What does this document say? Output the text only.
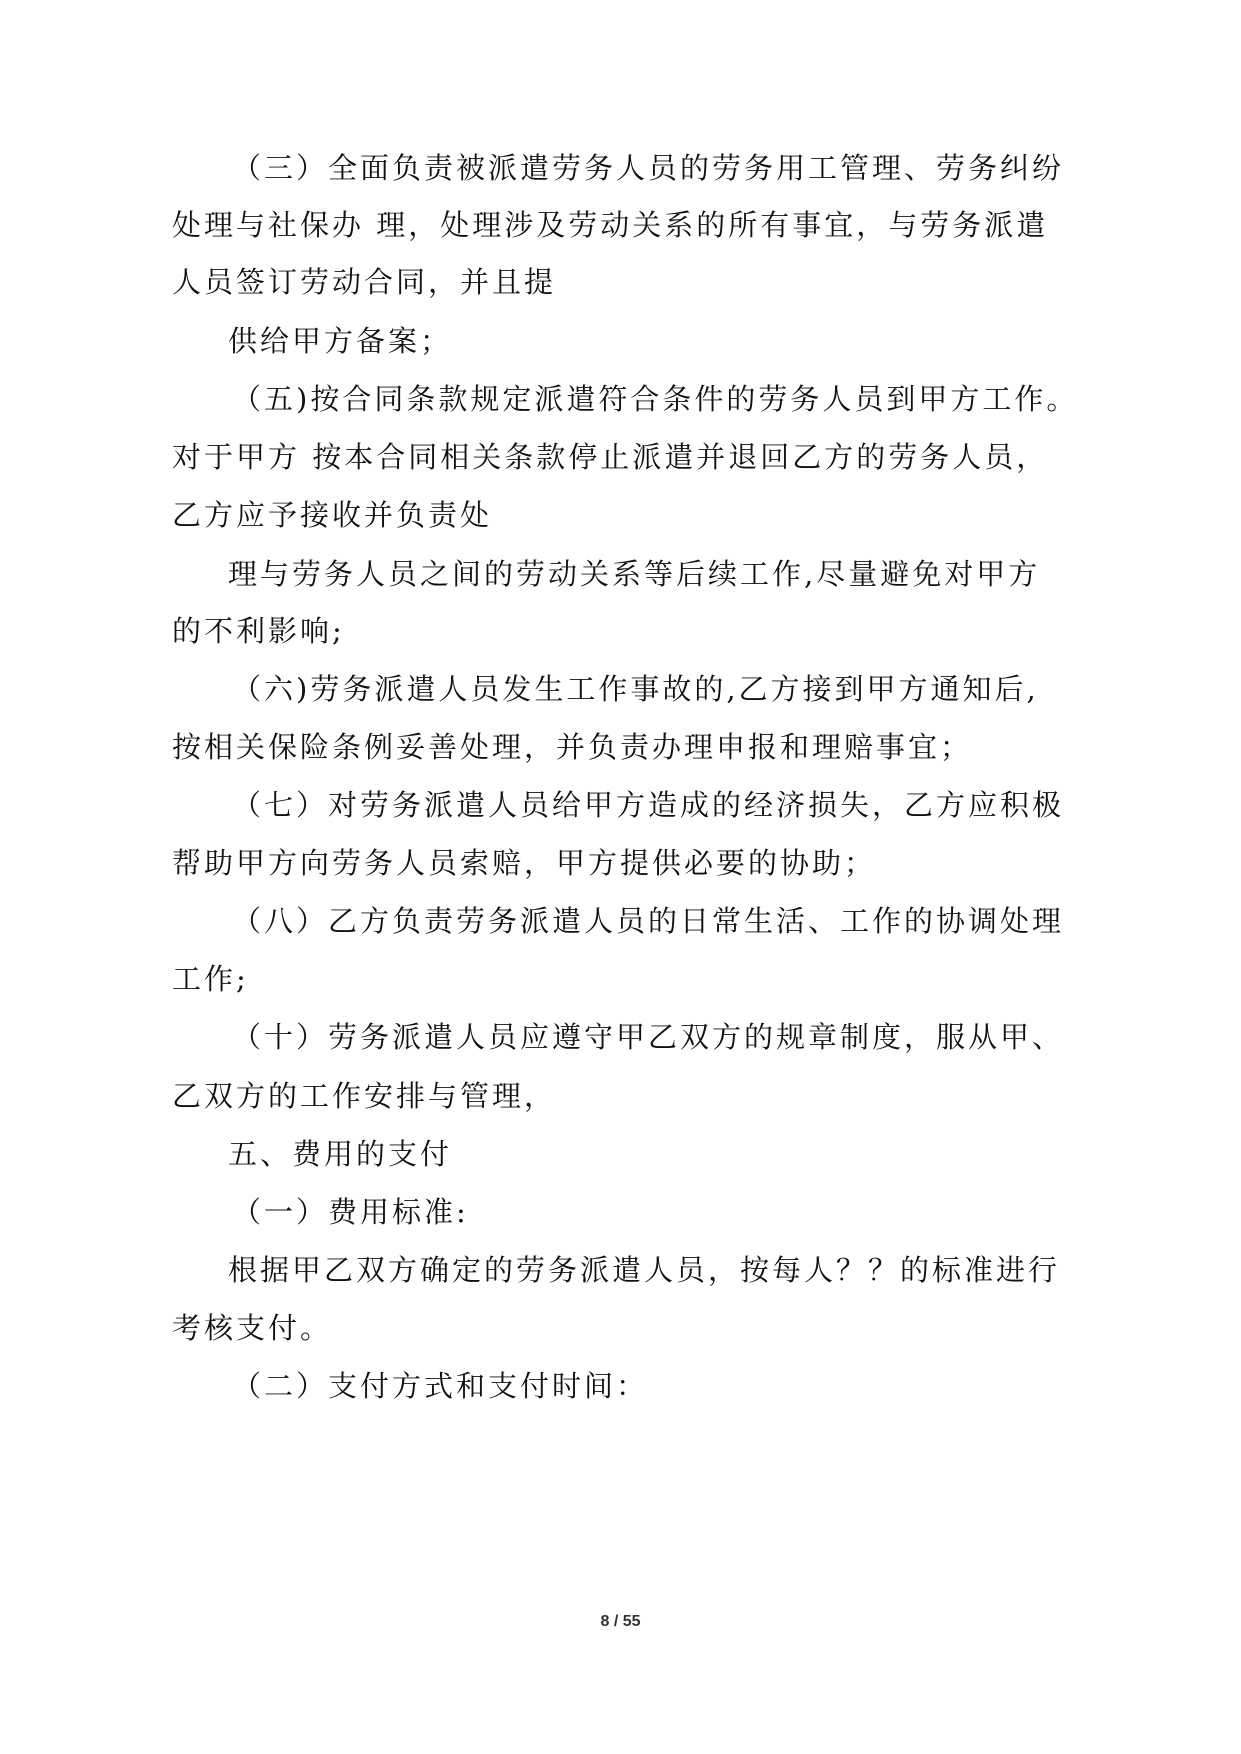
（三）全面负责被派遣劳务人员的劳务用工管理、劳务纠纷
处理与社保办 理，处理涉及劳动关系的所有事宜，与劳务派遣
人员签订劳动合同，并且提
供给甲方备案；
（五)按合同条款规定派遣符合条件的劳务人员到甲方工作。
对于甲方 按本合同相关条款停止派遣并退回乙方的劳务人员，
乙方应予接收并负责处
理与劳务人员之间的劳动关系等后续工作,尽量避免对甲方
的不利影响;
（六)劳务派遣人员发生工作事故的,乙方接到甲方通知后,
按相关保险条例妥善处理，并负责办理申报和理赔事宜；
（七）对劳务派遣人员给甲方造成的经济损失，乙方应积极
帮助甲方向劳务人员索赔，甲方提供必要的协助；
（八）乙方负责劳务派遣人员的日常生活、工作的协调处理
工作;
（十）劳务派遣人员应遵守甲乙双方的规章制度，服从甲、
乙双方的工作安排与管理，
五、费用的支付
（一）费用标准:
根据甲乙双方确定的劳务派遣人员，按每人？？的标准进行
考核支付。
（二）支付方式和支付时间：
8 / 55
